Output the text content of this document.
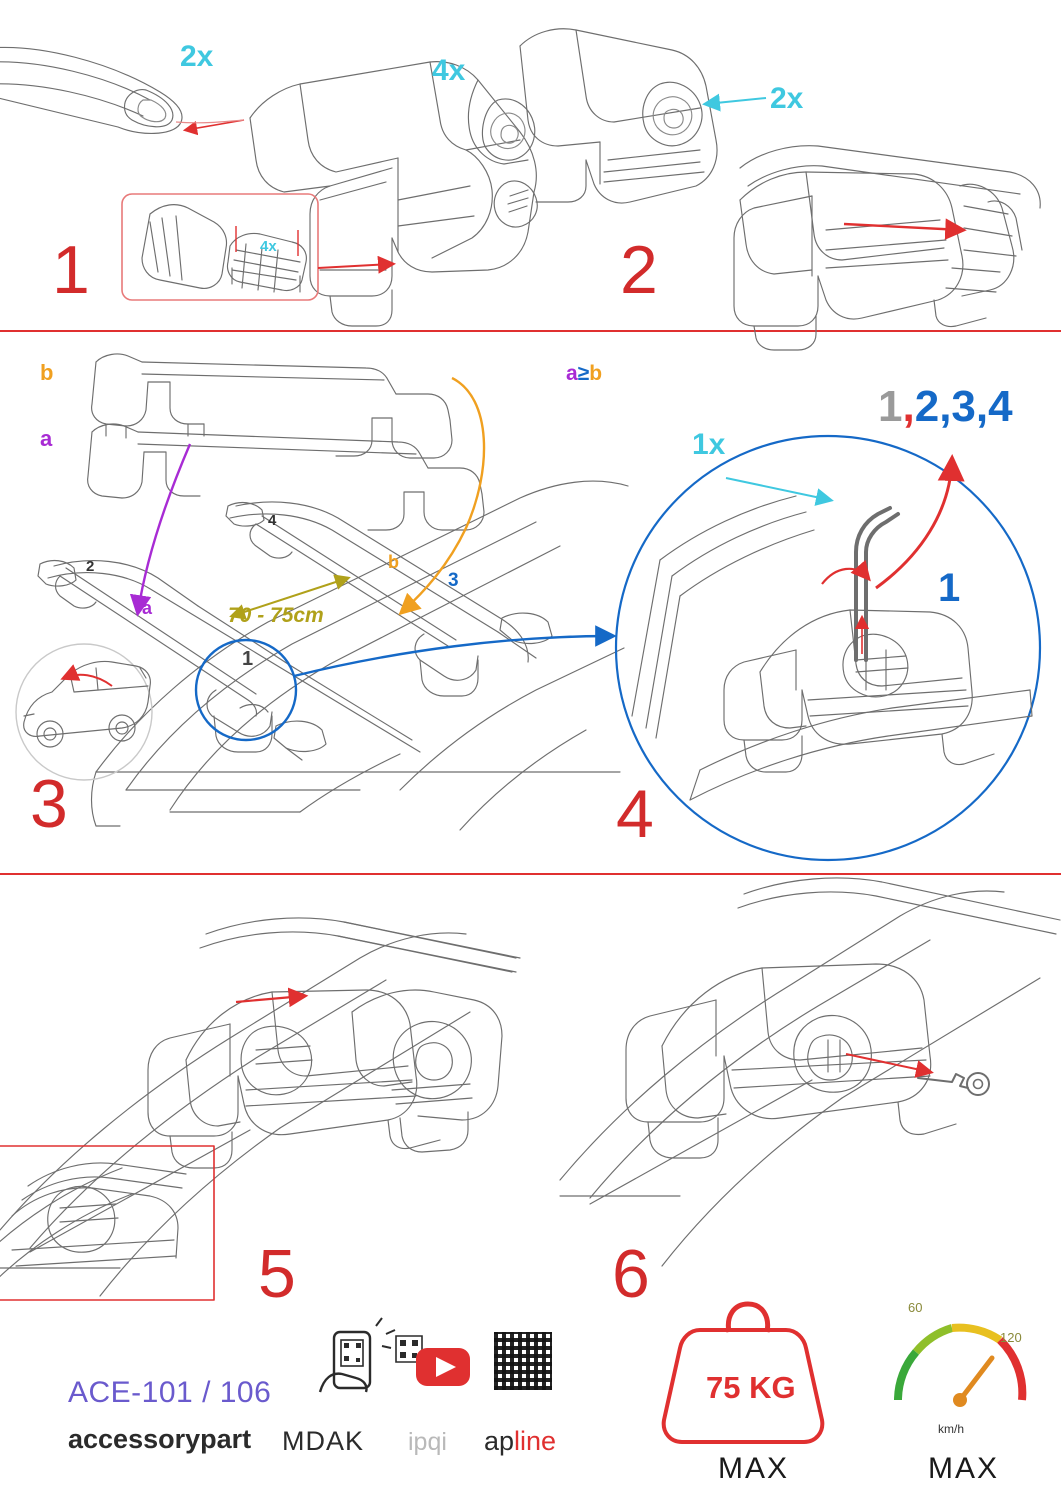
1	2
3	4
5	6
2x	4x
4x
2x
1x
b
a
a
b
70 - 75cm
1
2
3
4
a≥b
1,2,3,4
1
ACE-101 / 106
accessorypart MDAK ipqi apline
75 KG
MAX	MAX
km/h
60
120
